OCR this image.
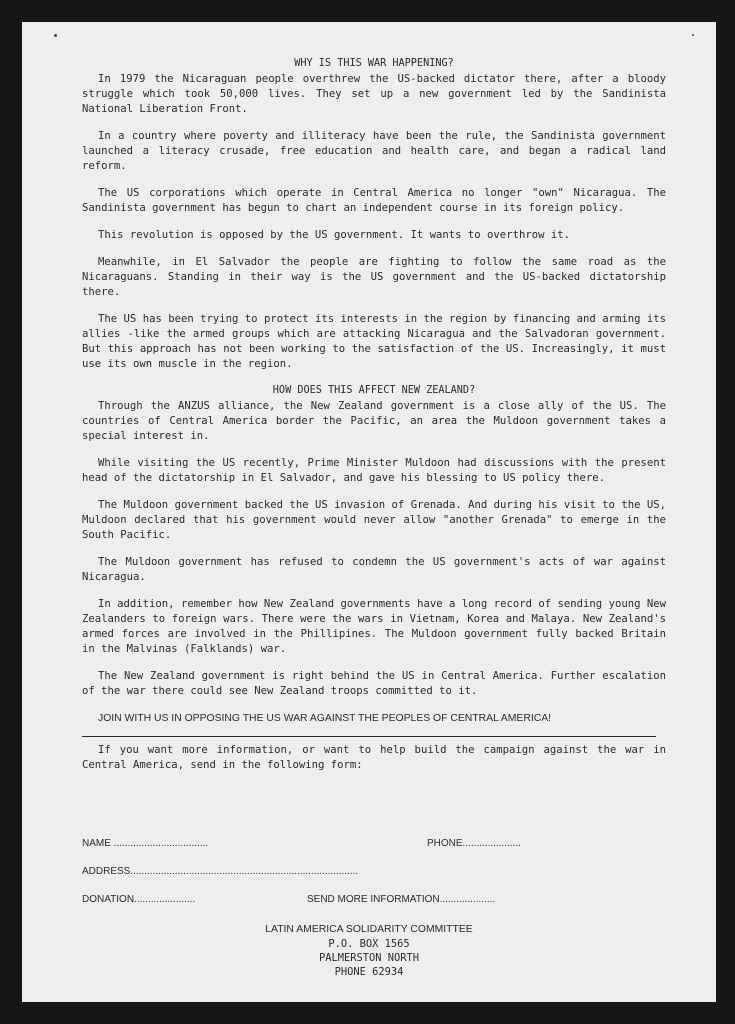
WHY IS THIS WAR HAPPENING?
In 1979 the Nicaraguan people overthrew the US-backed dictator there, after a bloody struggle which took 50,000 lives. They set up a new government led by the Sandinista National Liberation Front.
In a country where poverty and illiteracy have been the rule, the Sandinista government launched a literacy crusade, free education and health care, and began a radical land reform.
The US corporations which operate in Central America no longer "own" Nicaragua. The Sandinista government has begun to chart an independent course in its foreign policy.
This revolution is opposed by the US government. It wants to overthrow it.
Meanwhile, in El Salvador the people are fighting to follow the same road as the Nicaraguans. Standing in their way is the US government and the US-backed dictatorship there.
The US has been trying to protect its interests in the region by financing and arming its allies -like the armed groups which are attacking Nicaragua and the Salvadoran government. But this approach has not been working to the satisfaction of the US. Increasingly, it must use its own muscle in the region.
HOW DOES THIS AFFECT NEW ZEALAND?
Through the ANZUS alliance, the New Zealand government is a close ally of the US. The countries of Central America border the Pacific, an area the Muldoon government takes a special interest in.
While visiting the US recently, Prime Minister Muldoon had discussions with the present head of the dictatorship in El Salvador, and gave his blessing to US policy there.
The Muldoon government backed the US invasion of Grenada. And during his visit to the US, Muldoon declared that his government would never allow "another Grenada" to emerge in the South Pacific.
The Muldoon government has refused to condemn the US government's acts of war against Nicaragua.
In addition, remember how New Zealand governments have a long record of sending young New Zealanders to foreign wars. There were the wars in Vietnam, Korea and Malaya. New Zealand's armed forces are involved in the Phillipines. The Muldoon government fully backed Britain in the Malvinas (Falklands) war.
The New Zealand government is right behind the US in Central America. Further escalation of the war there could see New Zealand troops committed to it.
JOIN WITH US IN OPPOSING THE US WAR AGAINST THE PEOPLES OF CENTRAL AMERICA!
If you want more information, or want to help build the campaign against the war in Central America, send in the following form:
NAME ..................................	PHONE.....................
ADDRESS..................................................................................
DONATION......................	SEND MORE INFORMATION....................
LATIN AMERICA SOLIDARITY COMMITTEE
P.O. BOX 1565
PALMERSTON NORTH
PHONE 62934
